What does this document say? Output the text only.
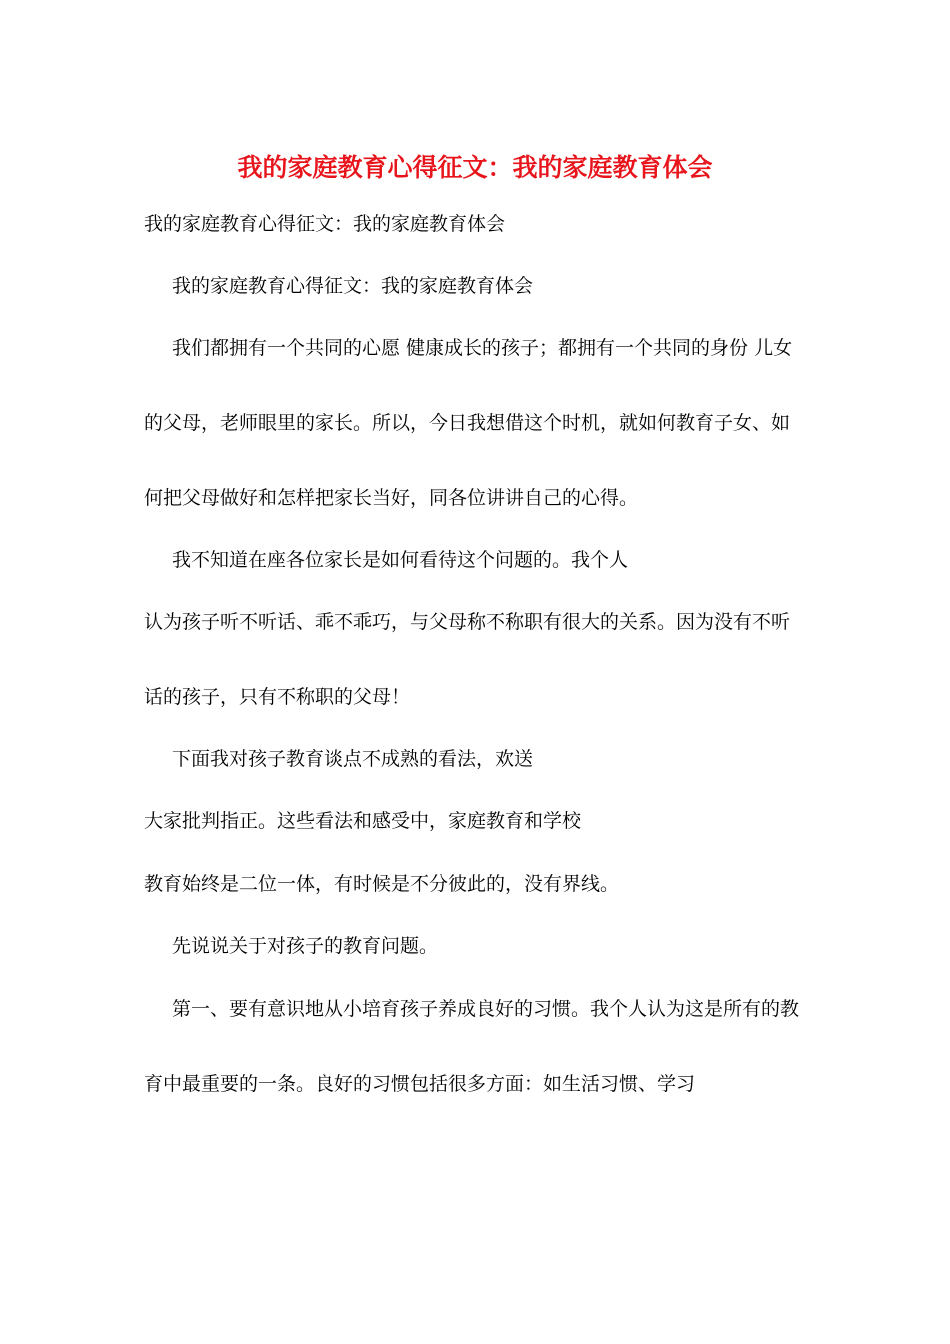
我的家庭教育心得征文：我的家庭教育体会
我的家庭教育心得征文：我的家庭教育体会
我的家庭教育心得征文：我的家庭教育体会
我们都拥有一个共同的心愿 健康成长的孩子；都拥有一个共同的身份 儿女
的父母，老师眼里的家长。所以，今日我想借这个时机，就如何教育子女、如
何把父母做好和怎样把家长当好，同各位讲讲自己的心得。
我不知道在座各位家长是如何看待这个问题的。我个人
认为孩子听不听话、乖不乖巧，与父母称不称职有很大的关系。因为没有不听
话的孩子，只有不称职的父母！
下面我对孩子教育谈点不成熟的看法，欢送
大家批判指正。这些看法和感受中，家庭教育和学校
教育始终是二位一体，有时候是不分彼此的，没有界线。
先说说关于对孩子的教育问题。
第一、要有意识地从小培育孩子养成良好的习惯。我个人认为这是所有的教
育中最重要的一条。良好的习惯包括很多方面：如生活习惯、学习
